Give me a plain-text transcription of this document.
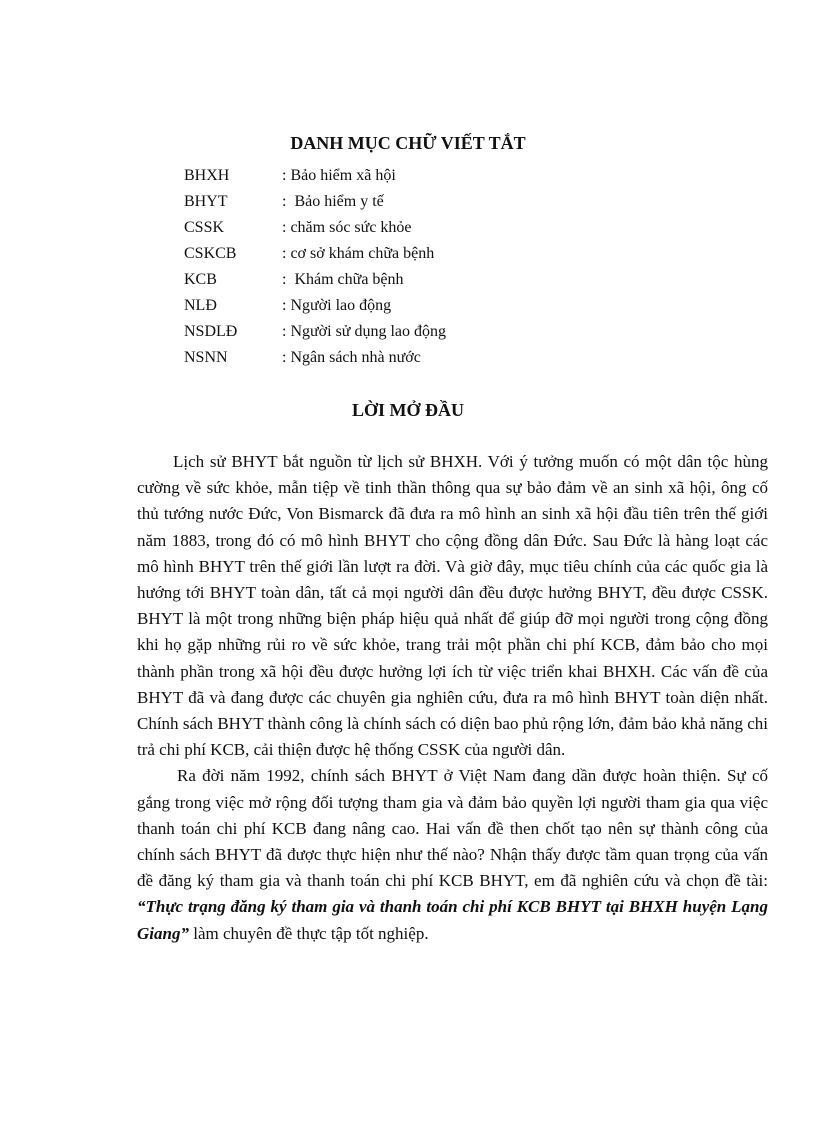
DANH MỤC CHỮ VIẾT TẮT
BHXH	: Bảo hiểm xã hội
BHYT	:  Bảo hiểm y tế
CSSK	: chăm sóc sức khỏe
CSKCB	: cơ sở khám chữa bệnh
KCB	:  Khám chữa bệnh
NLĐ	: Người lao động
NSDLĐ	: Người sử dụng lao động
NSNN	: Ngân sách nhà nước
LỜI MỞ ĐẦU

Lịch sử BHYT bắt nguồn từ lịch sử BHXH. Với ý tưởng muốn có một dân tộc hùng cường về sức khỏe, mẫn tiệp về tinh thần thông qua sự bảo đảm về an sinh xã hội, ông cố thủ tướng nước Đức, Von Bismarck đã đưa ra mô hình an sinh xã hội đầu tiên trên thế giới năm 1883, trong đó có mô hình BHYT cho cộng đồng dân Đức. Sau Đức là hàng loạt các mô hình BHYT trên thế giới lần lượt ra đời. Và giờ đây, mục tiêu chính của các quốc gia là hướng tới BHYT toàn dân, tất cả mọi người dân đều được hưởng BHYT, đều được CSSK. BHYT là một trong những biện pháp hiệu quả nhất để giúp đỡ mọi người trong cộng đồng khi họ gặp những rủi ro về sức khỏe, trang trải một phần chi phí KCB, đảm bảo cho mọi thành phần trong xã hội đều được hưởng lợi ích từ việc triển khai BHXH. Các vấn đề của BHYT đã và đang được các chuyên gia nghiên cứu, đưa ra mô hình BHYT toàn diện nhất. Chính sách BHYT thành công là chính sách có diện bao phủ rộng lớn, đảm bảo khả năng chi trả chi phí KCB, cải thiện được hệ thống CSSK của người dân.

Ra đời năm 1992, chính sách BHYT ở Việt Nam đang dần được hoàn thiện. Sự cố gắng trong việc mở rộng đối tượng tham gia và đảm bảo quyền lợi người tham gia qua việc thanh toán chi phí KCB đang nâng cao. Hai vấn đề then chốt tạo nên sự thành công của chính sách BHYT đã được thực hiện như thế nào? Nhận thấy được tầm quan trọng của vấn đề đăng ký tham gia và thanh toán chi phí KCB BHYT, em đã nghiên cứu và chọn đề tài: “Thực trạng đăng ký tham gia và thanh toán chi phí KCB BHYT tại BHXH huyện Lạng Giang” làm chuyên đề thực tập tốt nghiệp.
